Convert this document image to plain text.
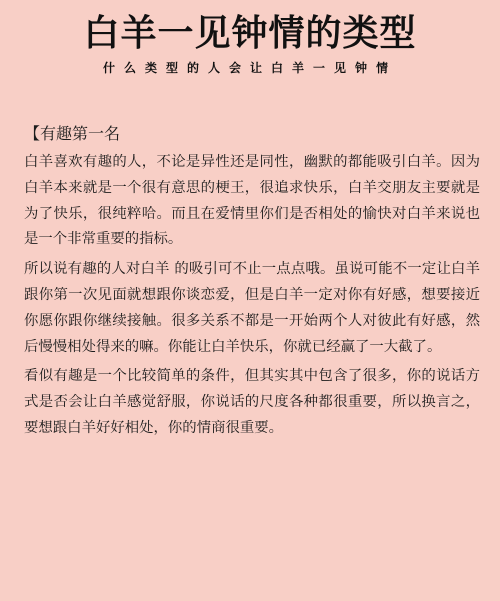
白羊一见钟情的类型
什么类型的人会让白羊一见钟情
【有趣第一名

白羊喜欢有趣的人，不论是异性还是同性，幽默的都能吸引白羊。因为白羊本来就是一个很有意思的梗王，很追求快乐，白羊交朋友主要就是为了快乐，很纯粹哈。而且在爱情里你们是否相处的愉快对白羊来说也是一个非常重要的指标。

所以说有趣的人对白羊 的吸引可不止一点点哦。虽说可能不一定让白羊跟你第一次见面就想跟你谈恋爱，但是白羊一定对你有好感，想要接近你愿你跟你继续接触。很多关系不都是一开始两个人对彼此有好感，然后慢慢相处得来的嘛。你能让白羊快乐，你就已经赢了一大截了。

看似有趣是一个比较简单的条件，但其实其中包含了很多，你的说话方式是否会让白羊感觉舒服，你说话的尺度各种都很重要，所以换言之，要想跟白羊好好相处，你的情商很重要。
